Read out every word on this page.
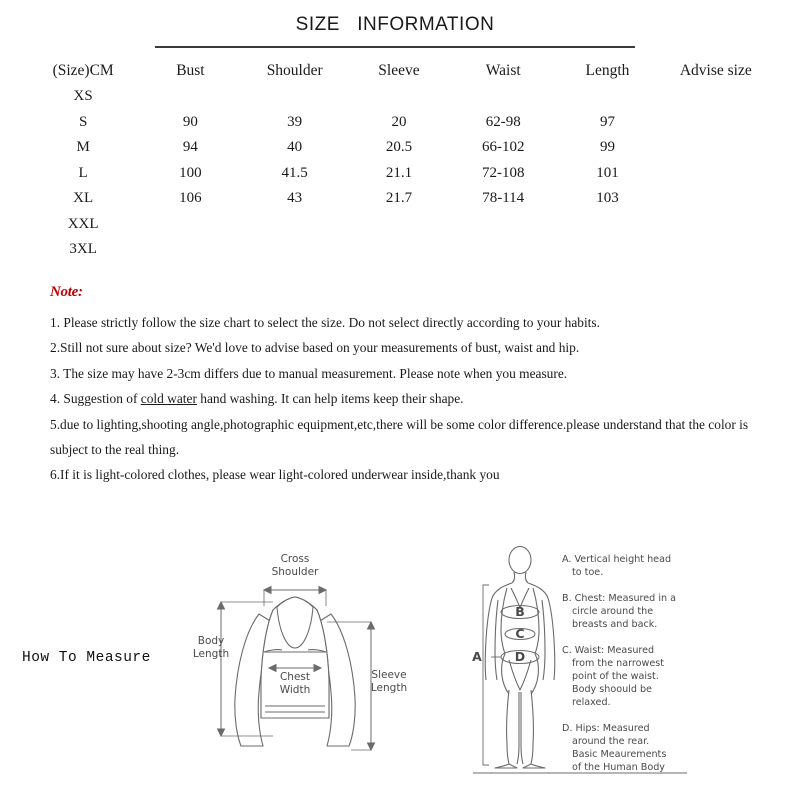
SIZE   INFORMATION
(Size)CM	Bust	Shoulder	Sleeve	Waist	Length	Advise size
XS						
S	90	39	20	62-98	97	
M	94	40	20.5	66-102	99	
L	100	41.5	21.1	72-108	101	
XL	106	43	21.7	78-114	103	
XXL						
3XL						
Note:
1. Please strictly follow the size chart to select the size. Do not select directly according to your habits.
2.Still not sure about size? We'd love to advise based on your measurements of bust, waist and hip.
3. The size may have 2-3cm differs due to manual measurement. Please note when you measure.
4. Suggestion of cold water hand washing. It can help items keep their shape.
5.due to lighting,shooting angle,photographic equipment,etc,there will be some color difference.please understand that the color is subject to the real thing.
6.If it is light-colored clothes, please wear light-colored underwear inside,thank you
How To Measure
Cross
Shoulder
Body
Length
Chest
Width
Sleeve
Length
B
C
D
A
A. Vertical height head
to toe.
B. Chest: Measured in a
circle around the
breasts and back.
C. Waist: Measured
from the narrowest
point of the waist.
Body shoould be
relaxed.
D. Hips: Measured
around the rear.
Basic Meaurements
of the Human Body
